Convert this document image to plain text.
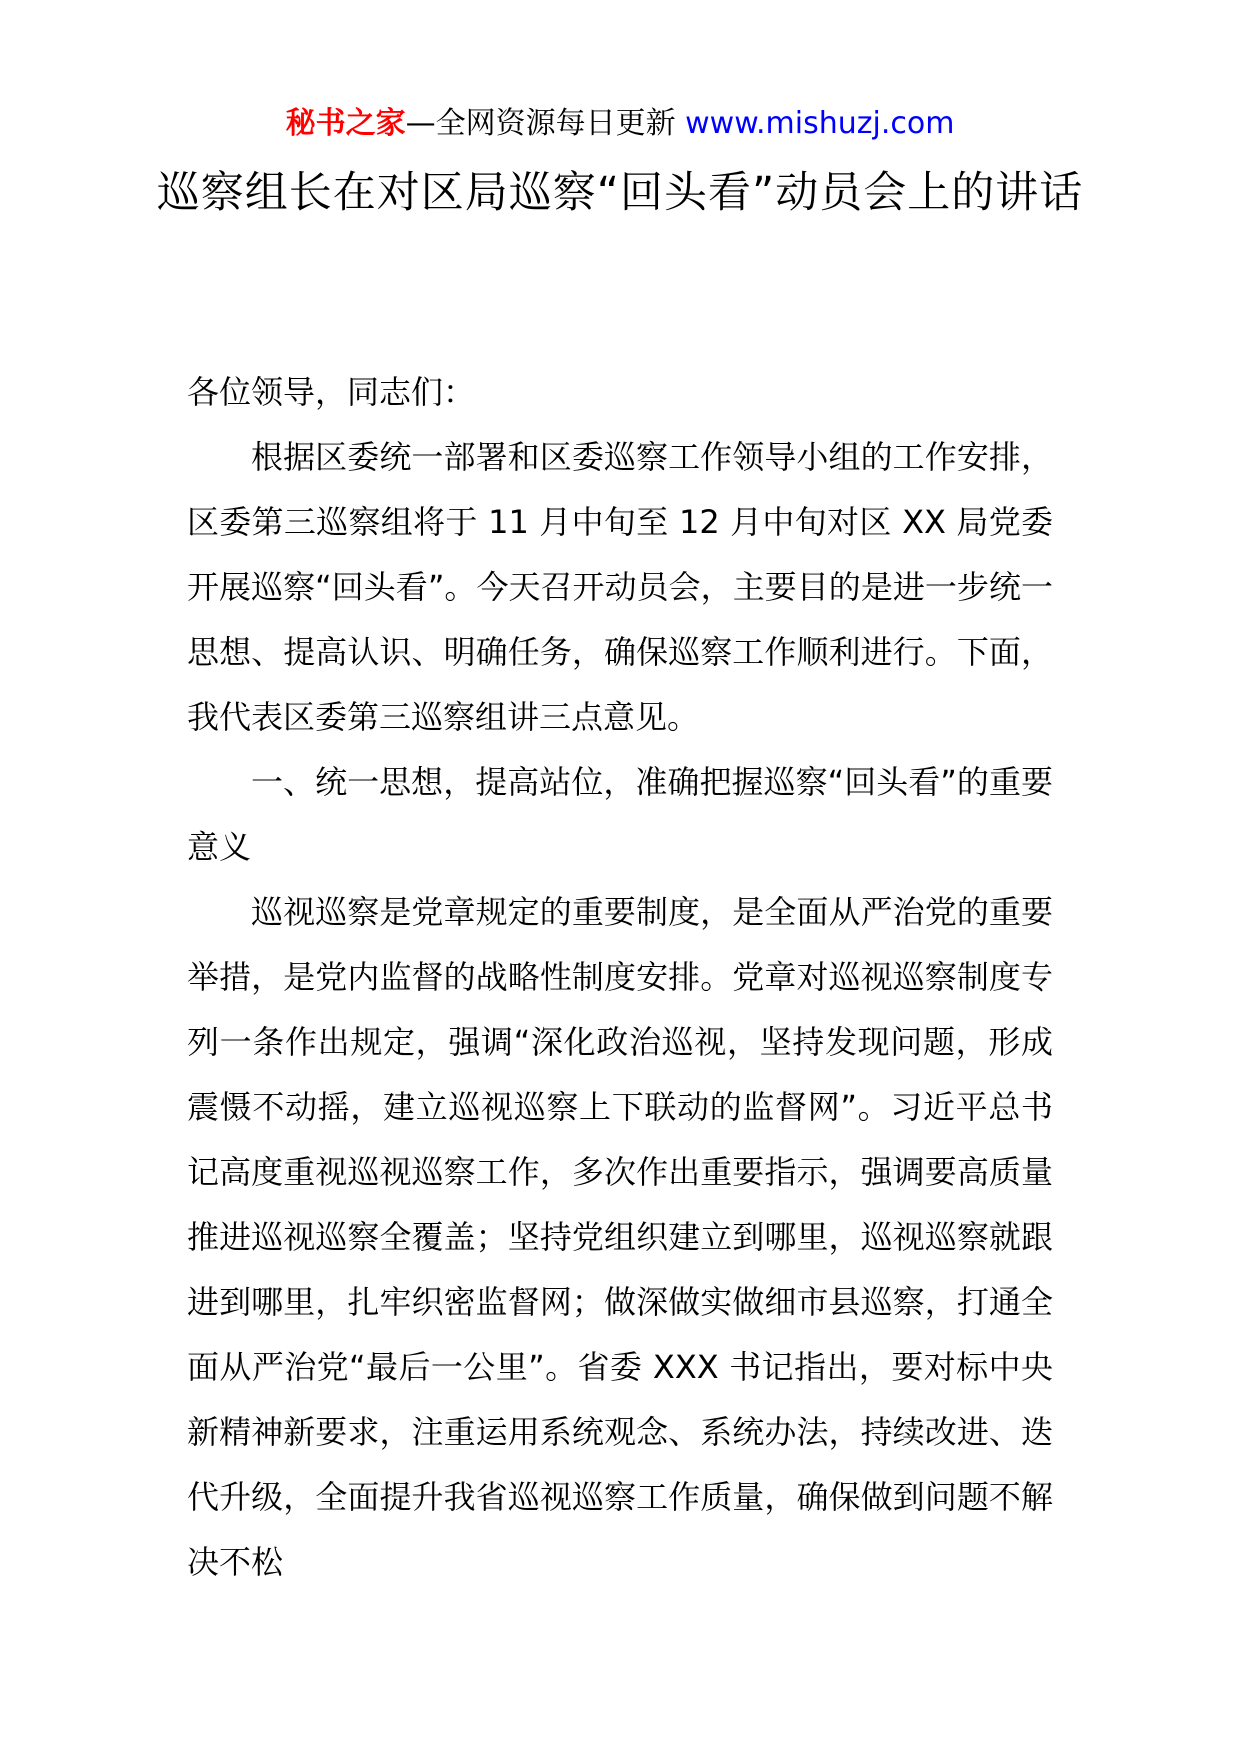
秘书之家—全网资源每日更新 www.mishuzj.com
巡察组长在对区局巡察“回头看”动员会上的讲话

各位领导，同志们：

根据区委统一部署和区委巡察工作领导小组的工作安排，区委第三巡察组将于 11 月中旬至 12 月中旬对区 XX 局党委开展巡察“回头看”。今天召开动员会，主要目的是进一步统一思想、提高认识、明确任务，确保巡察工作顺利进行。下面，我代表区委第三巡察组讲三点意见。

一、统一思想，提高站位，准确把握巡察“回头看”的重要意义

巡视巡察是党章规定的重要制度，是全面从严治党的重要举措，是党内监督的战略性制度安排。党章对巡视巡察制度专列一条作出规定，强调“深化政治巡视，坚持发现问题，形成震慑不动摇，建立巡视巡察上下联动的监督网”。习近平总书记高度重视巡视巡察工作，多次作出重要指示，强调要高质量推进巡视巡察全覆盖；坚持党组织建立到哪里，巡视巡察就跟进到哪里，扎牢织密监督网；做深做实做细市县巡察，打通全面从严治党“最后一公里”。省委 XXX 书记指出，要对标中央新精神新要求，注重运用系统观念、系统办法，持续改进、迭代升级，全面提升我省巡视巡察工作质量，确保做到问题不解决不松
